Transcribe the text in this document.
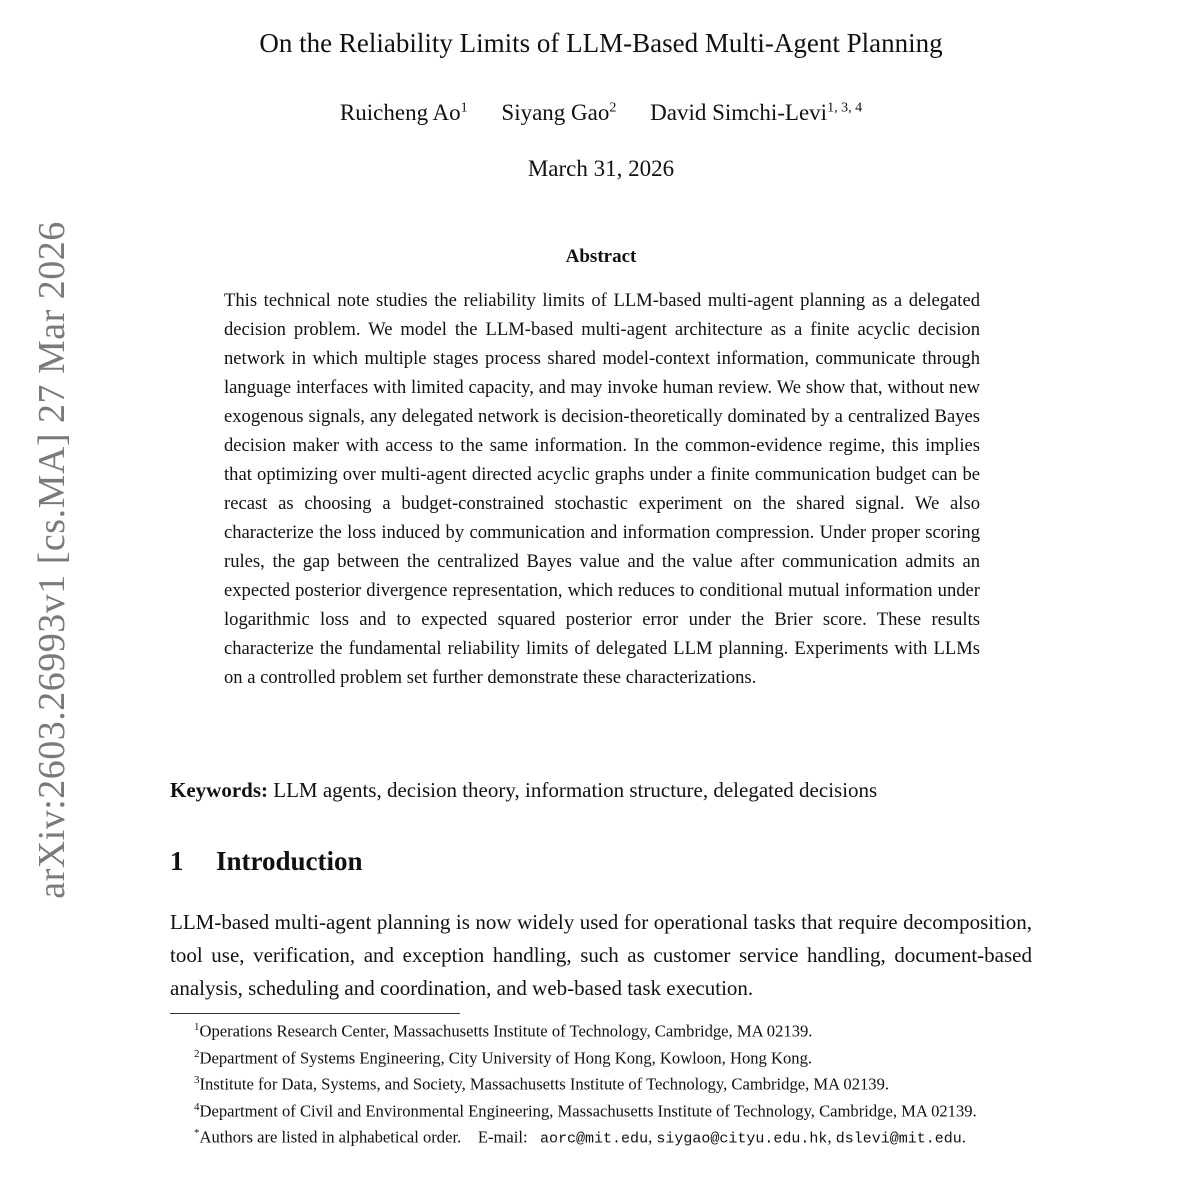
arXiv:2603.26993v1 [cs.MA] 27 Mar 2026
On the Reliability Limits of LLM-Based Multi-Agent Planning
Ruicheng Ao$^1$ Siyang Gao$^2$ David Simchi-Levi$^{1, 3, 4}$
March 31, 2026
Abstract

This technical note studies the reliability limits of LLM-based multi-agent planning as a delegated decision problem. We model the LLM-based multi-agent architecture as a finite acyclic decision network in which multiple stages process shared model-context information, communicate through language interfaces with limited capacity, and may invoke human review. We show that, without new exogenous signals, any delegated network is decision-theoretically dominated by a centralized Bayes decision maker with access to the same information. In the common-evidence regime, this implies that optimizing over multi-agent directed acyclic graphs under a finite communication budget can be recast as choosing a budget-constrained stochastic experiment on the shared signal. We also characterize the loss induced by communication and information compression. Under proper scoring rules, the gap between the centralized Bayes value and the value after communication admits an expected posterior divergence representation, which reduces to conditional mutual information under logarithmic loss and to expected squared posterior error under the Brier score. These results characterize the fundamental reliability limits of delegated LLM planning. Experiments with LLMs on a controlled problem set further demonstrate these characterizations.

Keywords: LLM agents, decision theory, information structure, delegated decisions
1 Introduction

LLM-based multi-agent planning is now widely used for operational tasks that require decomposition, tool use, verification, and exception handling, such as customer service handling, document-based analysis, scheduling and coordination, and web-based task execution.

$^1$Operations Research Center, Massachusetts Institute of Technology, Cambridge, MA 02139.
$^2$Department of Systems Engineering, City University of Hong Kong, Kowloon, Hong Kong.
$^3$Institute for Data, Systems, and Society, Massachusetts Institute of Technology, Cambridge, MA 02139.
$^4$Department of Civil and Environmental Engineering, Massachusetts Institute of Technology, Cambridge, MA 02139.
*Authors are listed in alphabetical order. E-mail: aorc@mit.edu, siygao@cityu.edu.hk, dslevi@mit.edu.
